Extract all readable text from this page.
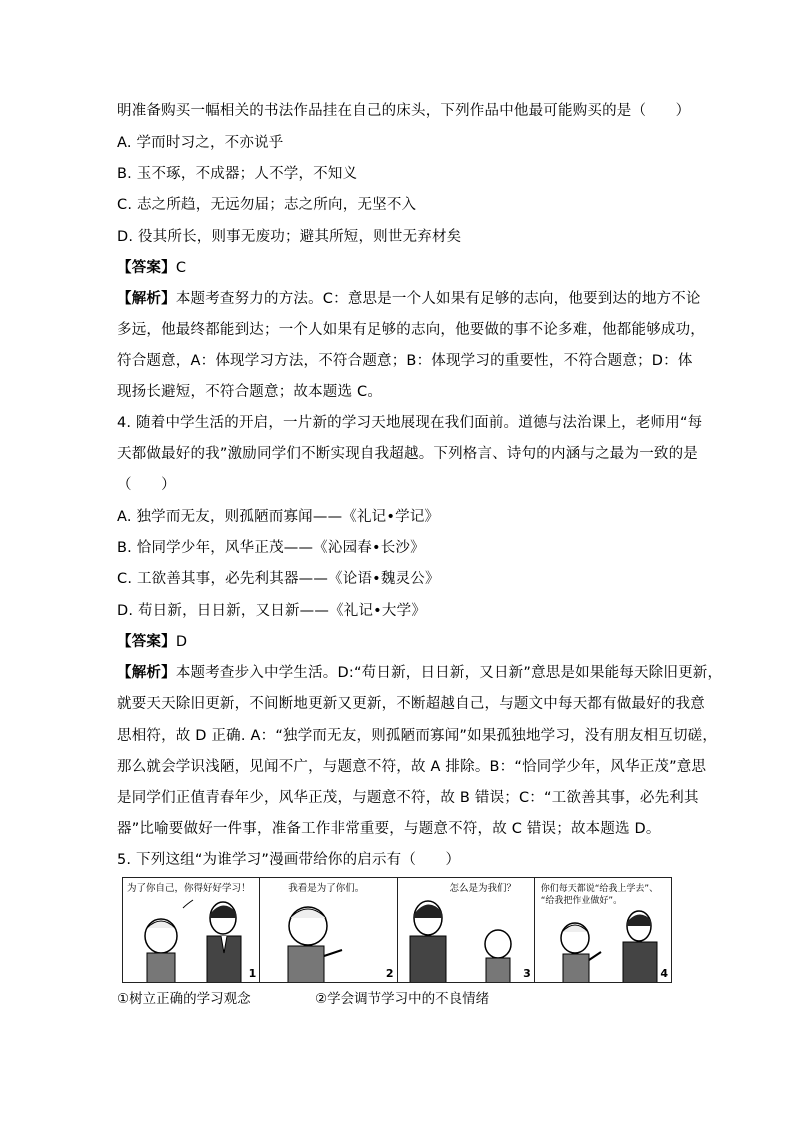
明准备购买一幅相关的书法作品挂在自己的床头，下列作品中他最可能购买的是（　　）
A. 学而时习之，不亦说乎
B. 玉不琢，不成器；人不学，不知义
C. 志之所趋，无远勿届；志之所向，无坚不入
D. 役其所长，则事无废功；避其所短，则世无弃材矣
【答案】C
【解析】本题考查努力的方法。C：意思是一个人如果有足够的志向，他要到达的地方不论
多远，他最终都能到达；一个人如果有足够的志向，他要做的事不论多难，他都能够成功，
符合题意，A：体现学习方法，不符合题意；B：体现学习的重要性，不符合题意；D：体
现扬长避短，不符合题意；故本题选 C。
4. 随着中学生活的开启，一片新的学习天地展现在我们面前。道德与法治课上，老师用“每
天都做最好的我”激励同学们不断实现自我超越。下列格言、诗句的内涵与之最为一致的是
（　　）
A. 独学而无友，则孤陋而寡闻——《礼记•学记》
B. 恰同学少年，风华正茂——《沁园春•长沙》
C. 工欲善其事，必先利其器——《论语•魏灵公》
D. 苟日新，日日新，又日新——《礼记•大学》
【答案】D
【解析】本题考查步入中学生活。D:“苟日新，日日新，又日新”意思是如果能每天除旧更新，
就要天天除旧更新，不间断地更新又更新，不断超越自己，与题文中每天都有做最好的我意
思相符，故 D 正确. A：“独学而无友，则孤陋而寡闻”如果孤独地学习，没有朋友相互切磋，
那么就会学识浅陋，见闻不广，与题意不符，故 A 排除。B：“恰同学少年，风华正茂”意思
是同学们正值青春年少，风华正茂，与题意不符，故 B 错误；C：“工欲善其事，必先利其
器”比喻要做好一件事，准备工作非常重要，与题意不符，故 C 错误；故本题选 D。
5. 下列这组“为谁学习”漫画带给你的启示有（　　）
为了你自己，你得好好学习！
1
我看是为了你们。
2
怎么是为我们？
3
你们每天都说“给我上学去”、
“给我把作业做好”。
4
①树立正确的学习观念	②学会调节学习中的不良情绪
